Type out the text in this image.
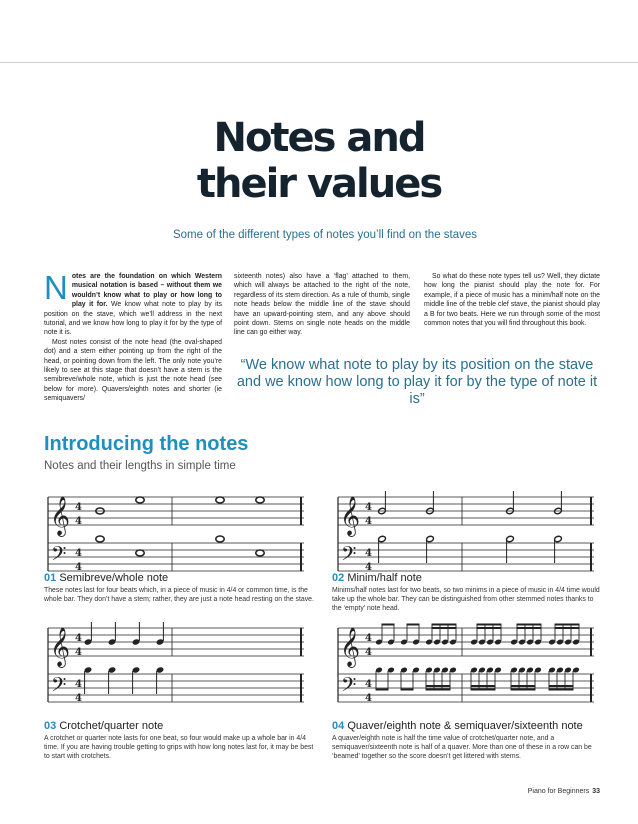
Notes and
their values
Some of the different types of notes you’ll find on the staves
Notes are the foundation on which Western musical notation is based – without them we wouldn’t know what to play or how long to play it for. We know what note to play by its position on the stave, which we’ll address in the next tutorial, and we know how long to play it for by the type of note it is.
Most notes consist of the note head (the oval-shaped dot) and a stem either pointing up from the right of the head, or pointing down from the left. The only note you’re likely to see at this stage that doesn’t have a stem is the semibreve/whole note, which is just the note head (see below for more). Quavers/eighth notes and shorter (ie semiquavers/
sixteenth notes) also have a ‘flag’ attached to them, which will always be attached to the right of the note, regardless of its stem direction. As a rule of thumb, single note heads below the middle line of the stave should have an upward-pointing stem, and any above should point down. Stems on single note heads on the middle line can go either way.
So what do these note types tell us? Well, they dictate how long the pianist should play the note for. For example, if a piece of music has a minim/half note on the middle line of the treble clef stave, the pianist should play a B for two beats. Here we run through some of the most common notes that you will find throughout this book.
“We know what note to play by its position on the stave and we know how long to play it for by the type of note it is”
Introducing the notes
Notes and their lengths in simple time
𝄞
𝄢
4
4
4
4
𝄞
𝄢
4
4
4
4
01 Semibreve/whole note
These notes last for four beats which, in a piece of music in 4/4 or common time, is the whole bar. They don’t have a stem; rather, they are just a note head resting on the stave.
02 Minim/half note
Minims/half notes last for two beats, so two minims in a piece of music in 4/4 time would take up the whole bar. They can be distinguished from other stemmed notes thanks to the ‘empty’ note head.
𝄞
𝄢
4
4
4
4
𝄞
𝄢
4
4
4
4
03 Crotchet/quarter note
A crotchet or quarter note lasts for one beat, so four would make up a whole bar in 4/4 time. If you are having trouble getting to grips with how long notes last for, it may be best to start with crotchets.
04 Quaver/eighth note & semiquaver/sixteenth note
A quaver/eighth note is half the time value of crotchet/quarter note, and a semiquaver/sixteenth note is half of a quaver. More than one of these in a row can be ‘beamed’ together so the score doesn’t get littered with stems.
Piano for Beginners 33
